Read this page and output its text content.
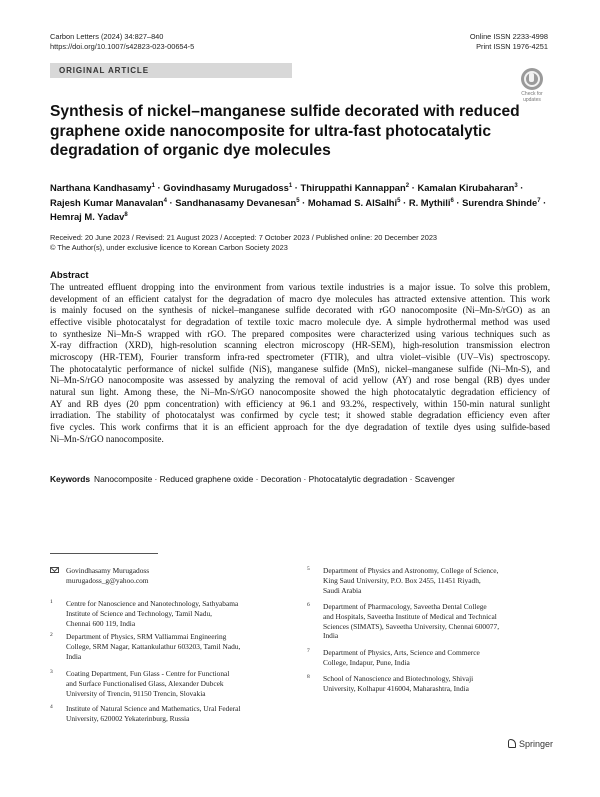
Carbon Letters (2024) 34:827–840
https://doi.org/10.1007/s42823-023-00654-5
Online ISSN 2233-4998
Print ISSN 1976-4251
ORIGINAL ARTICLE
Check for
updates
Synthesis of nickel–manganese sulfide decorated with reduced graphene oxide nanocomposite for ultra-fast photocatalytic degradation of organic dye molecules
Narthana Kandhasamy$^1$ · Govindhasamy Murugadoss$^1$ · Thiruppathi Kannappan$^2$ · Kamalan Kirubaharan$^3$ ·
Rajesh Kumar Manavalan$^4$ · Sandhanasamy Devanesan$^5$ · Mohamad S. AlSalhi$^5$ · R. Mythili$^6$ · Surendra Shinde$^7$ ·
Hemraj M. Yadav$^8$
Received: 20 June 2023 / Revised: 21 August 2023 / Accepted: 7 October 2023 / Published online: 20 December 2023
© The Author(s), under exclusive licence to Korean Carbon Society 2023
Abstract
The untreated effluent dropping into the environment from various textile industries is a major issue. To solve this problem,
development of an efficient catalyst for the degradation of macro dye molecules has attracted extensive attention. This work
is mainly focused on the synthesis of nickel–manganese sulfide decorated with rGO nanocomposite (Ni–Mn-S/rGO) as an
effective visible photocatalyst for degradation of textile toxic macro molecule dye. A simple hydrothermal method was used
to synthesize Ni–Mn-S wrapped with rGO. The prepared composites were characterized using various techniques such as
X-ray diffraction (XRD), high-resolution scanning electron microscopy (HR-SEM), high-resolution transmission electron
microscopy (HR-TEM), Fourier transform infra-red spectrometer (FTIR), and ultra violet–visible (UV–Vis) spectroscopy.
The photocatalytic performance of nickel sulfide (NiS), manganese sulfide (MnS), nickel–manganese sulfide (Ni–Mn-S), and
Ni–Mn-S/rGO nanocomposite was assessed by analyzing the removal of acid yellow (AY) and rose bengal (RB) dyes under
natural sun light. Among these, the Ni–Mn-S/rGO nanocomposite showed the high photocatalytic degradation efficiency of
AY and RB dyes (20 ppm concentration) with efficiency at 96.1 and 93.2%, respectively, within 150-min natural sunlight
irradiation. The stability of photocatalyst was confirmed by cycle test; it showed stable degradation efficiency even after
five cycles. This work confirms that it is an efficient approach for the dye degradation of textile dyes using sulfide-based
Ni–Mn-S/rGO nanocomposite.
Keywords Nanocomposite · Reduced graphene oxide · Decoration · Photocatalytic degradation · Scavenger
Govindhasamy Murugadoss
murugadoss_g@yahoo.com
1 Centre for Nanoscience and Nanotechnology, Sathyabama
Institute of Science and Technology, Tamil Nadu,
Chennai 600 119, India
2 Department of Physics, SRM Valliammai Engineering
College, SRM Nagar, Kattankulathur 603203, Tamil Nadu,
India
3 Coating Department, Fun Glass - Centre for Functional
and Surface Functionalised Glass, Alexander Dubcek
University of Trencin, 91150 Trencin, Slovakia
4 Institute of Natural Science and Mathematics, Ural Federal
University, 620002 Yekaterinburg, Russia
5 Department of Physics and Astronomy, College of Science,
King Saud University, P.O. Box 2455, 11451 Riyadh,
Saudi Arabia
6 Department of Pharmacology, Saveetha Dental College
and Hospitals, Saveetha Institute of Medical and Technical
Sciences (SIMATS), Saveetha University, Chennai 600077,
India
7 Department of Physics, Arts, Science and Commerce
College, Indapur, Pune, India
8 School of Nanoscience and Biotechnology, Shivaji
University, Kolhapur 416004, Maharashtra, India
Springer
